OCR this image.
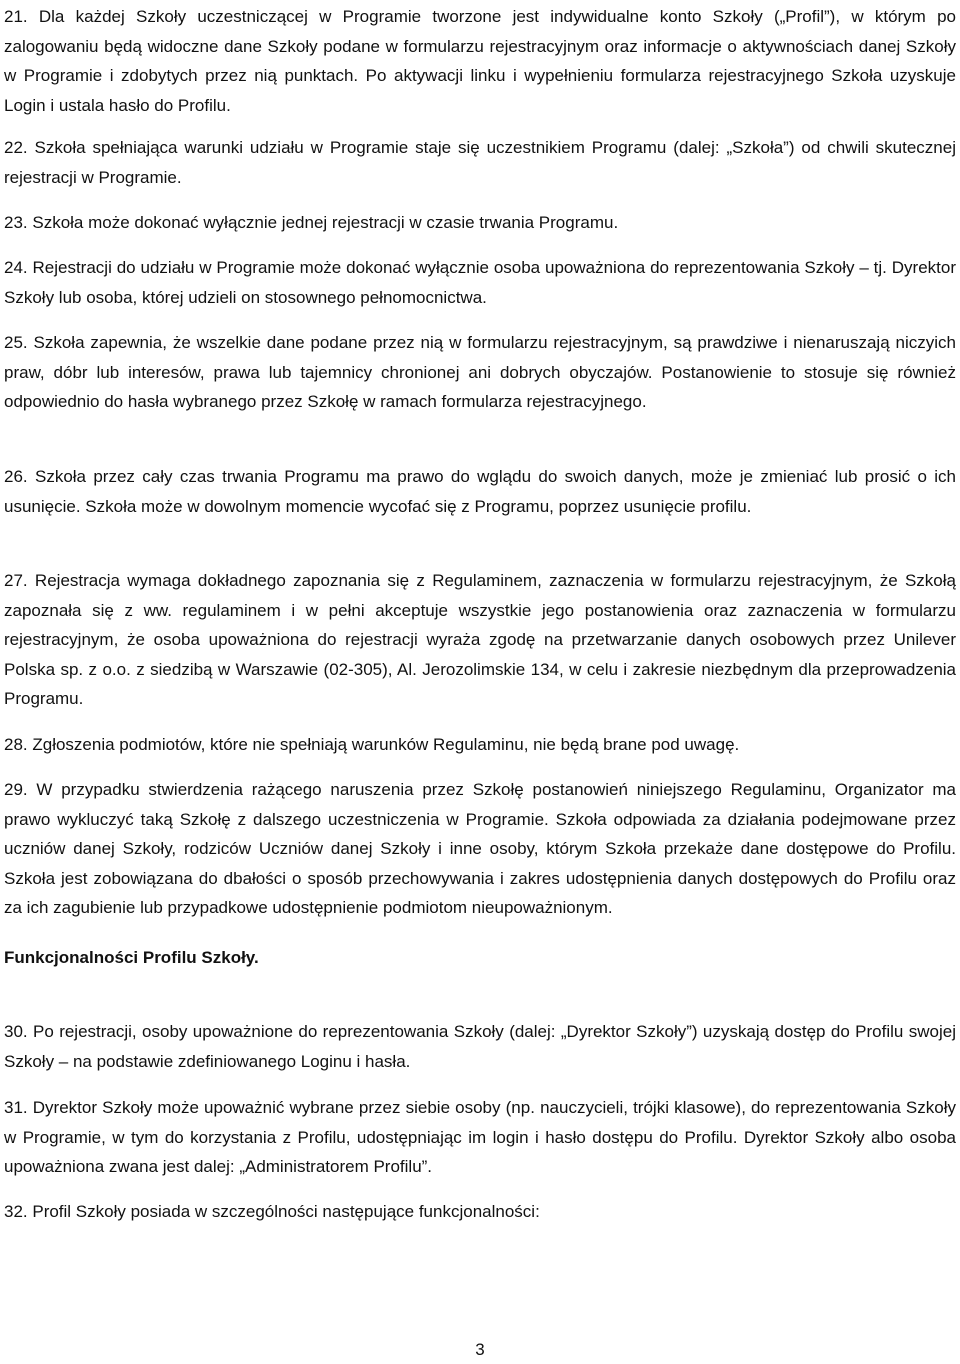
21. Dla każdej Szkoły uczestniczącej w Programie tworzone jest indywidualne konto Szkoły („Profil”), w którym po zalogowaniu będą widoczne dane Szkoły podane w formularzu rejestracyjnym oraz informacje o aktywnościach danej Szkoły w Programie i zdobytych przez nią punktach. Po aktywacji linku i wypełnieniu formularza rejestracyjnego Szkoła uzyskuje Login i ustala hasło do Profilu.

22. Szkoła spełniająca warunki udziału w Programie staje się uczestnikiem Programu (dalej: „Szkoła”) od chwili skutecznej rejestracji w Programie.

23. Szkoła może dokonać wyłącznie jednej rejestracji w czasie trwania Programu.

24. Rejestracji do udziału w Programie może dokonać wyłącznie osoba upoważniona do reprezentowania Szkoły – tj. Dyrektor Szkoły lub osoba, której udzieli on stosownego pełnomocnictwa.

25. Szkoła zapewnia, że wszelkie dane podane przez nią w formularzu rejestracyjnym, są prawdziwe i nienaruszają niczyich praw, dóbr lub interesów, prawa lub tajemnicy chronionej ani dobrych obyczajów. Postanowienie to stosuje się również odpowiednio do hasła wybranego przez Szkołę w ramach formularza rejestracyjnego.

26. Szkoła przez cały czas trwania Programu ma prawo do wglądu do swoich danych, może je zmieniać lub prosić o ich usunięcie. Szkoła może w dowolnym momencie wycofać się z Programu, poprzez usunięcie profilu.

27. Rejestracja wymaga dokładnego zapoznania się z Regulaminem, zaznaczenia w formularzu rejestracyjnym, że Szkołą zapoznała się z ww. regulaminem i w pełni akceptuje wszystkie jego postanowienia oraz zaznaczenia w formularzu rejestracyjnym, że osoba upoważniona do rejestracji wyraża zgodę na przetwarzanie danych osobowych przez Unilever Polska sp. z o.o. z siedzibą w Warszawie (02-305), Al. Jerozolimskie 134, w celu i zakresie niezbędnym dla przeprowadzenia Programu.

28. Zgłoszenia podmiotów, które nie spełniają warunków Regulaminu, nie będą brane pod uwagę.

29. W przypadku stwierdzenia rażącego naruszenia przez Szkołę postanowień niniejszego Regulaminu, Organizator ma prawo wykluczyć taką Szkołę z dalszego uczestniczenia w Programie. Szkoła odpowiada za działania podejmowane przez uczniów danej Szkoły, rodziców Uczniów danej Szkoły i inne osoby, którym Szkoła przekaże dane dostępowe do Profilu. Szkoła jest zobowiązana do dbałości o sposób przechowywania i zakres udostępnienia danych dostępowych do Profilu oraz za ich zagubienie lub przypadkowe udostępnienie podmiotom nieupoważnionym.

Funkcjonalności Profilu Szkoły.

30. Po rejestracji, osoby upoważnione do reprezentowania Szkoły (dalej: „Dyrektor Szkoły”) uzyskają dostęp do Profilu swojej Szkoły – na podstawie zdefiniowanego Loginu i hasła.

31. Dyrektor Szkoły może upoważnić wybrane przez siebie osoby (np. nauczycieli, trójki klasowe), do reprezentowania Szkoły w Programie, w tym do korzystania z Profilu, udostępniając im login i hasło dostępu do Profilu. Dyrektor Szkoły albo osoba upoważniona zwana jest dalej: „Administratorem Profilu”.

32. Profil Szkoły posiada w szczególności następujące funkcjonalności:

3
